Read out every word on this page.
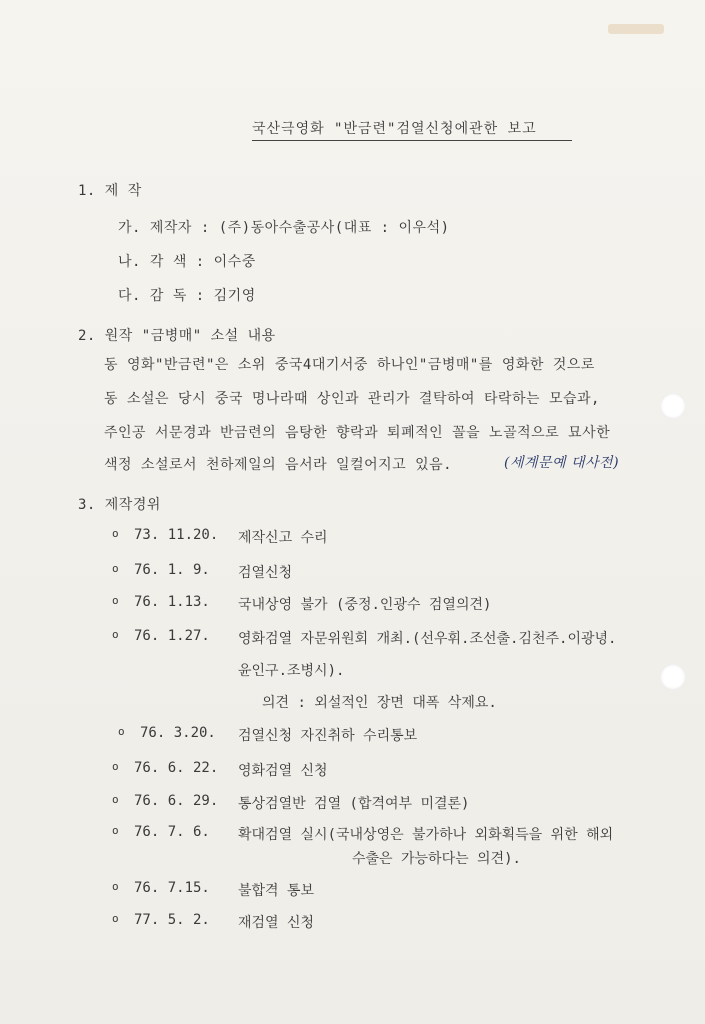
국산극영화 "반금련"검열신청에관한 보고
1. 제 작
가. 제작자 : (주)동아수출공사(대표 : 이우석)
나. 각 색 : 이수중
다. 감 독 : 김기영
2. 원작 "금병매" 소설 내용
동 영화"반금련"은 소위 중국4대기서중 하나인"금병매"를 영화한 것으로
동 소설은 당시 중국 명나라때 상인과 관리가 결탁하여 타락하는 모습과,
주인공 서문경과 반금련의 음탕한 향락과 퇴폐적인 꼴을 노골적으로 묘사한
색정 소설로서 천하제일의 음서라 일컬어지고 있음.	(세계문예 대사전)
3. 제작경위
o 73. 11.20. 제작신고 수리
o 76. 1. 9. 검열신청
o 76. 1.13. 국내상영 불가 (중정.인광수 검열의견)
o 76. 1.27. 영화검열 자문위원회 개최.(선우휘.조선출.김천주.이광녕.
윤인구.조병시).
의견 : 외설적인 장면 대폭 삭제요.
o 76. 3.20. 검열신청 자진취하 수리통보
o 76. 6. 22. 영화검열 신청
o 76. 6. 29. 통상검열반 검열 (합격여부 미결론)
o 76. 7. 6. 확대검열 실시(국내상영은 불가하나 외화획득을 위한 해외
수출은 가능하다는 의견).
o 76. 7.15. 불합격 통보
o 77. 5. 2. 재검열 신청
